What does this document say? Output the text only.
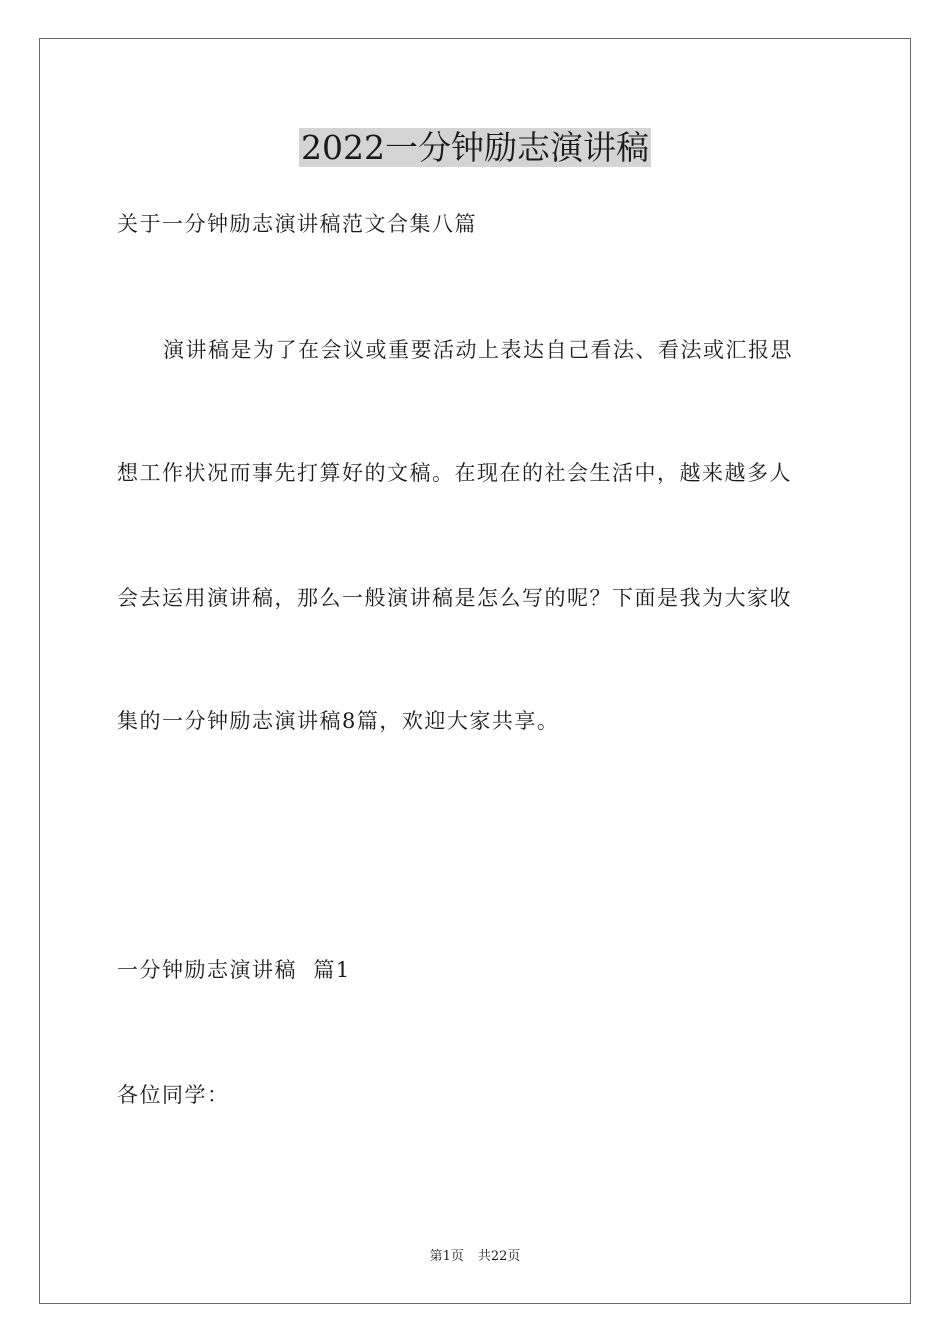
2022一分钟励志演讲稿
关于一分钟励志演讲稿范文合集八篇
演讲稿是为了在会议或重要活动上表达自己看法、看法或汇报思
想工作状况而事先打算好的文稿。在现在的社会生活中，越来越多人
会去运用演讲稿，那么一般演讲稿是怎么写的呢？下面是我为大家收
集的一分钟励志演讲稿8篇，欢迎大家共享。
一分钟励志演讲稿  篇1
各位同学：
第1页 共22页
